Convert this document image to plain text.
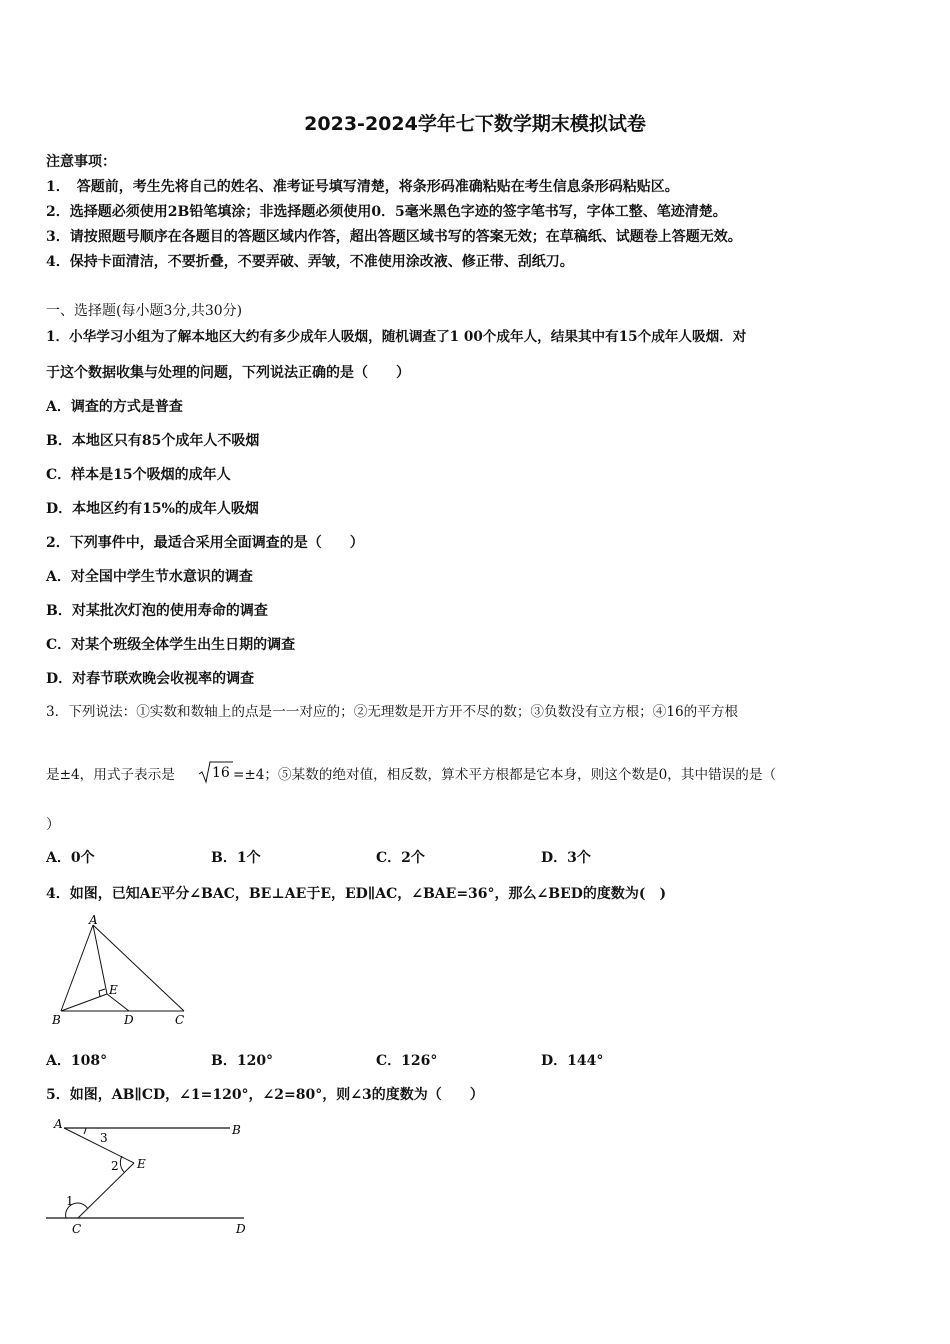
2023-2024学年七下数学期末模拟试卷
注意事项：
1．　答题前，考生先将自己的姓名、准考证号填写清楚，将条形码准确粘贴在考生信息条形码粘贴区。
2．选择题必须使用2B铅笔填涂；非选择题必须使用0．5毫米黑色字迹的签字笔书写，字体工整、笔迹清楚。
3．请按照题号顺序在各题目的答题区域内作答，超出答题区域书写的答案无效；在草稿纸、试题卷上答题无效。
4．保持卡面清洁，不要折叠，不要弄破、弄皱，不准使用涂改液、修正带、刮纸刀。
一、选择题(每小题3分,共30分)
1．小华学习小组为了解本地区大约有多少成年人吸烟，随机调查了1 00个成年人，结果其中有15个成年人吸烟．对
于这个数据收集与处理的问题，下列说法正确的是（　　）
A．调查的方式是普查
B．本地区只有85个成年人不吸烟
C．样本是15个吸烟的成年人
D．本地区约有15%的成年人吸烟
2．下列事件中，最适合采用全面调查的是（　　）
A．对全国中学生节水意识的调查
B．对某批次灯泡的使用寿命的调查
C．对某个班级全体学生出生日期的调查
D．对春节联欢晚会收视率的调查
3．下列说法：①实数和数轴上的点是一一对应的；②无理数是开方开不尽的数；③负数没有立方根；④16的平方根
是±4，用式子表示是	16 =±4；⑤某数的绝对值，相反数，算术平方根都是它本身，则这个数是0，其中错误的是（
）
A．0个	B．1个	C．2个	D．3个
4．如图，已知AE平分∠BAC，BE⊥AE于E，ED∥AC，∠BAE=36°，那么∠BED的度数为(　)
A
B	C
D
E
A．108°	B．120°	C．126°	D．144°
5．如图，AB∥CD，∠1=120°，∠2=80°，则∠3的度数为（　　）
A	B
C	D
E
1
2
3
